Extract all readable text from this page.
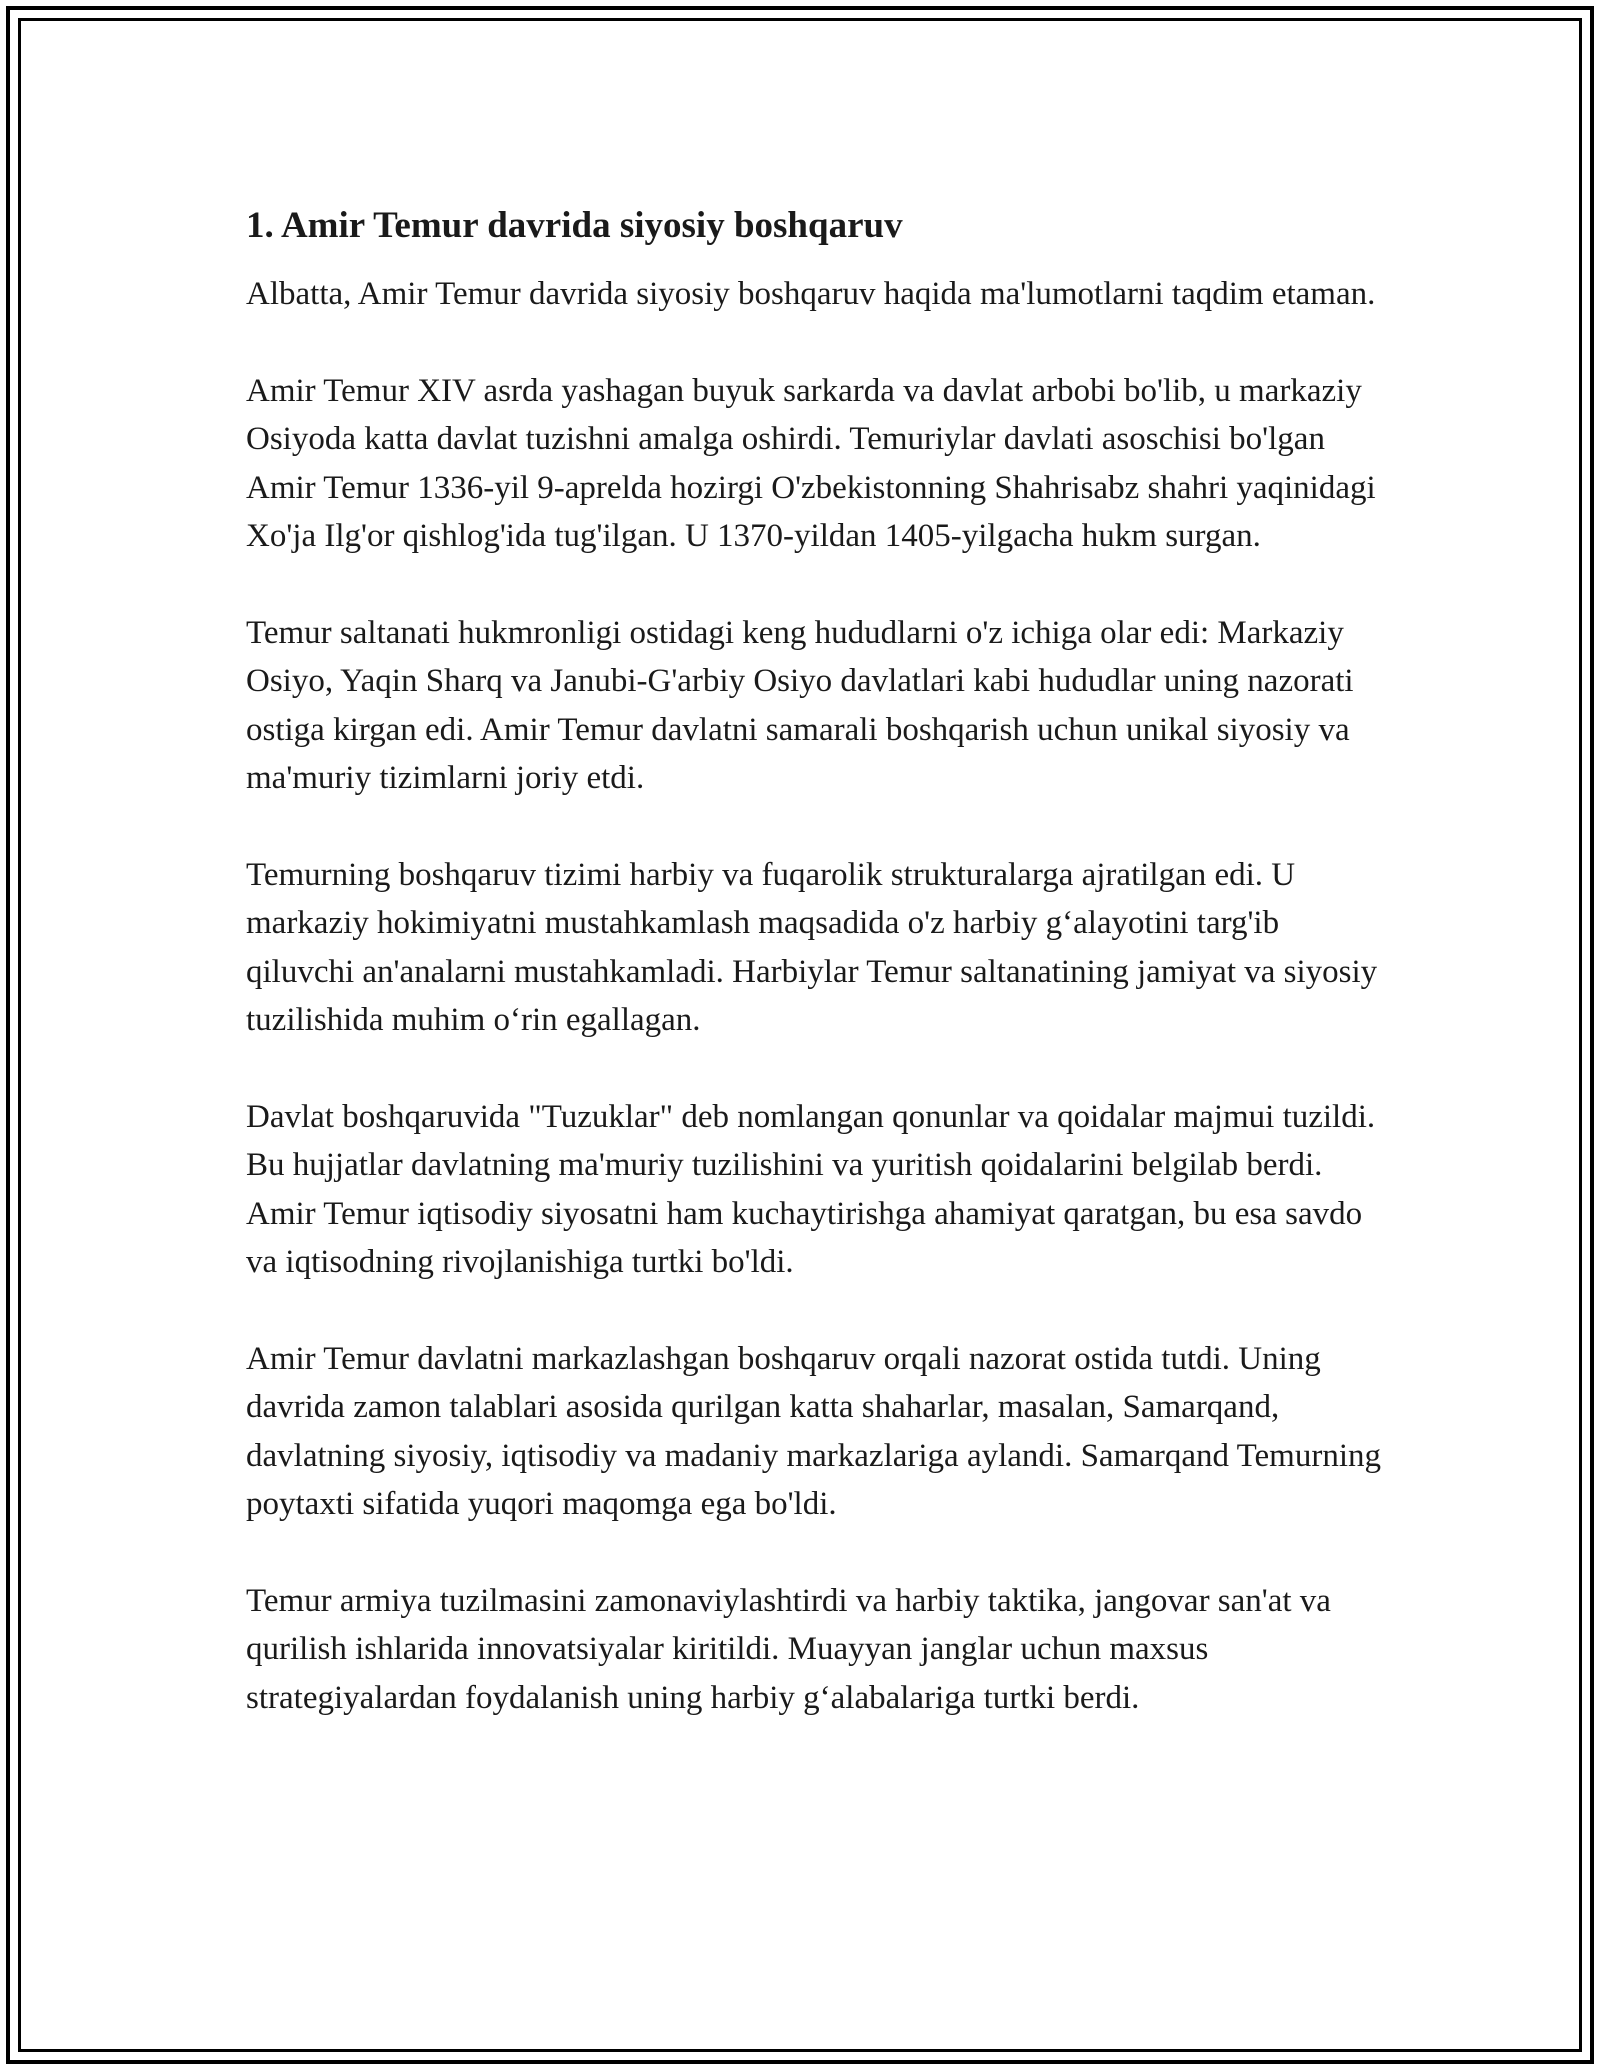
1. Amir Temur davrida siyosiy boshqaruv

Albatta, Amir Temur davrida siyosiy boshqaruv haqida ma'lumotlarni taqdim etaman.

Amir Temur XIV asrda yashagan buyuk sarkarda va davlat arbobi bo'lib, u markaziy Osiyoda katta davlat tuzishni amalga oshirdi. Temuriylar davlati asoschisi bo'lgan Amir Temur 1336-yil 9-aprelda hozirgi O'zbekistonning Shahrisabz shahri yaqinidagi Xo'ja Ilg'or qishlog'ida tug'ilgan. U 1370-yildan 1405-yilgacha hukm surgan.

Temur saltanati hukmronligi ostidagi keng hududlarni o'z ichiga olar edi: Markaziy Osiyo, Yaqin Sharq va Janubi-G'arbiy Osiyo davlatlari kabi hududlar uning nazorati ostiga kirgan edi. Amir Temur davlatni samarali boshqarish uchun unikal siyosiy va ma'muriy tizimlarni joriy etdi.

Temurning boshqaruv tizimi harbiy va fuqarolik strukturalarga ajratilgan edi. U markaziy hokimiyatni mustahkamlash maqsadida o'z harbiy g‘alayotini targ'ib qiluvchi an'analarni mustahkamladi. Harbiylar Temur saltanatining jamiyat va siyosiy tuzilishida muhim o‘rin egallagan.

Davlat boshqaruvida "Tuzuklar" deb nomlangan qonunlar va qoidalar majmui tuzildi. Bu hujjatlar davlatning ma'muriy tuzilishini va yuritish qoidalarini belgilab berdi. Amir Temur iqtisodiy siyosatni ham kuchaytirishga ahamiyat qaratgan, bu esa savdo va iqtisodning rivojlanishiga turtki bo'ldi.

Amir Temur davlatni markazlashgan boshqaruv orqali nazorat ostida tutdi. Uning davrida zamon talablari asosida qurilgan katta shaharlar, masalan, Samarqand, davlatning siyosiy, iqtisodiy va madaniy markazlariga aylandi. Samarqand Temurning poytaxti sifatida yuqori maqomga ega bo'ldi.

Temur armiya tuzilmasini zamonaviylashtirdi va harbiy taktika, jangovar san'at va qurilish ishlarida innovatsiyalar kiritildi. Muayyan janglar uchun maxsus strategiyalardan foydalanish uning harbiy g‘alabalariga turtki berdi.
